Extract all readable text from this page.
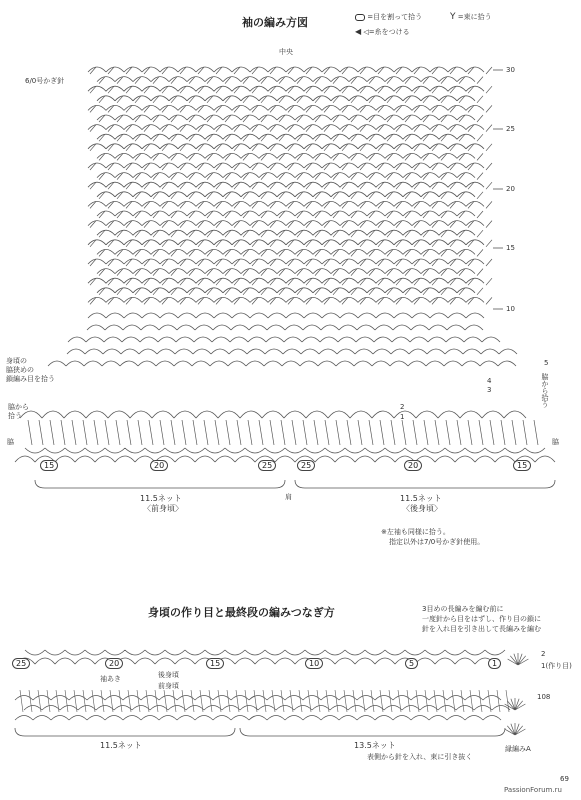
袖の編み方図	=目を割って拾う	Y =束に拾う
◀ ◁=糸をつける
中央
6/0号かぎ針
30
25
20
15
10
5
4
3
2
1
脇から拾う
身頃の
脇狭めの
鎖編み目を拾う
脇から
拾う
脇	脇
15	20	25	25	20	15
肩
11.5ネット
〈前身頃〉
11.5ネット
〈後身頃〉
※左袖も同様に拾う。
指定以外は7/0号かぎ針使用。
身頃の作り目と最終段の編みつなぎ方	3目めの長編みを編む前に
一度針から目をはずし、作り目の鎖に
針を入れ目を引き出して長編みを編む
25	20	15	10	5	1
2
1(作り目)
108
袖あき	後身頃
前身頃
11.5ネット	13.5ネット
表側から針を入れ、束に引き抜く
縁編みA
69
PassionForum.ru
